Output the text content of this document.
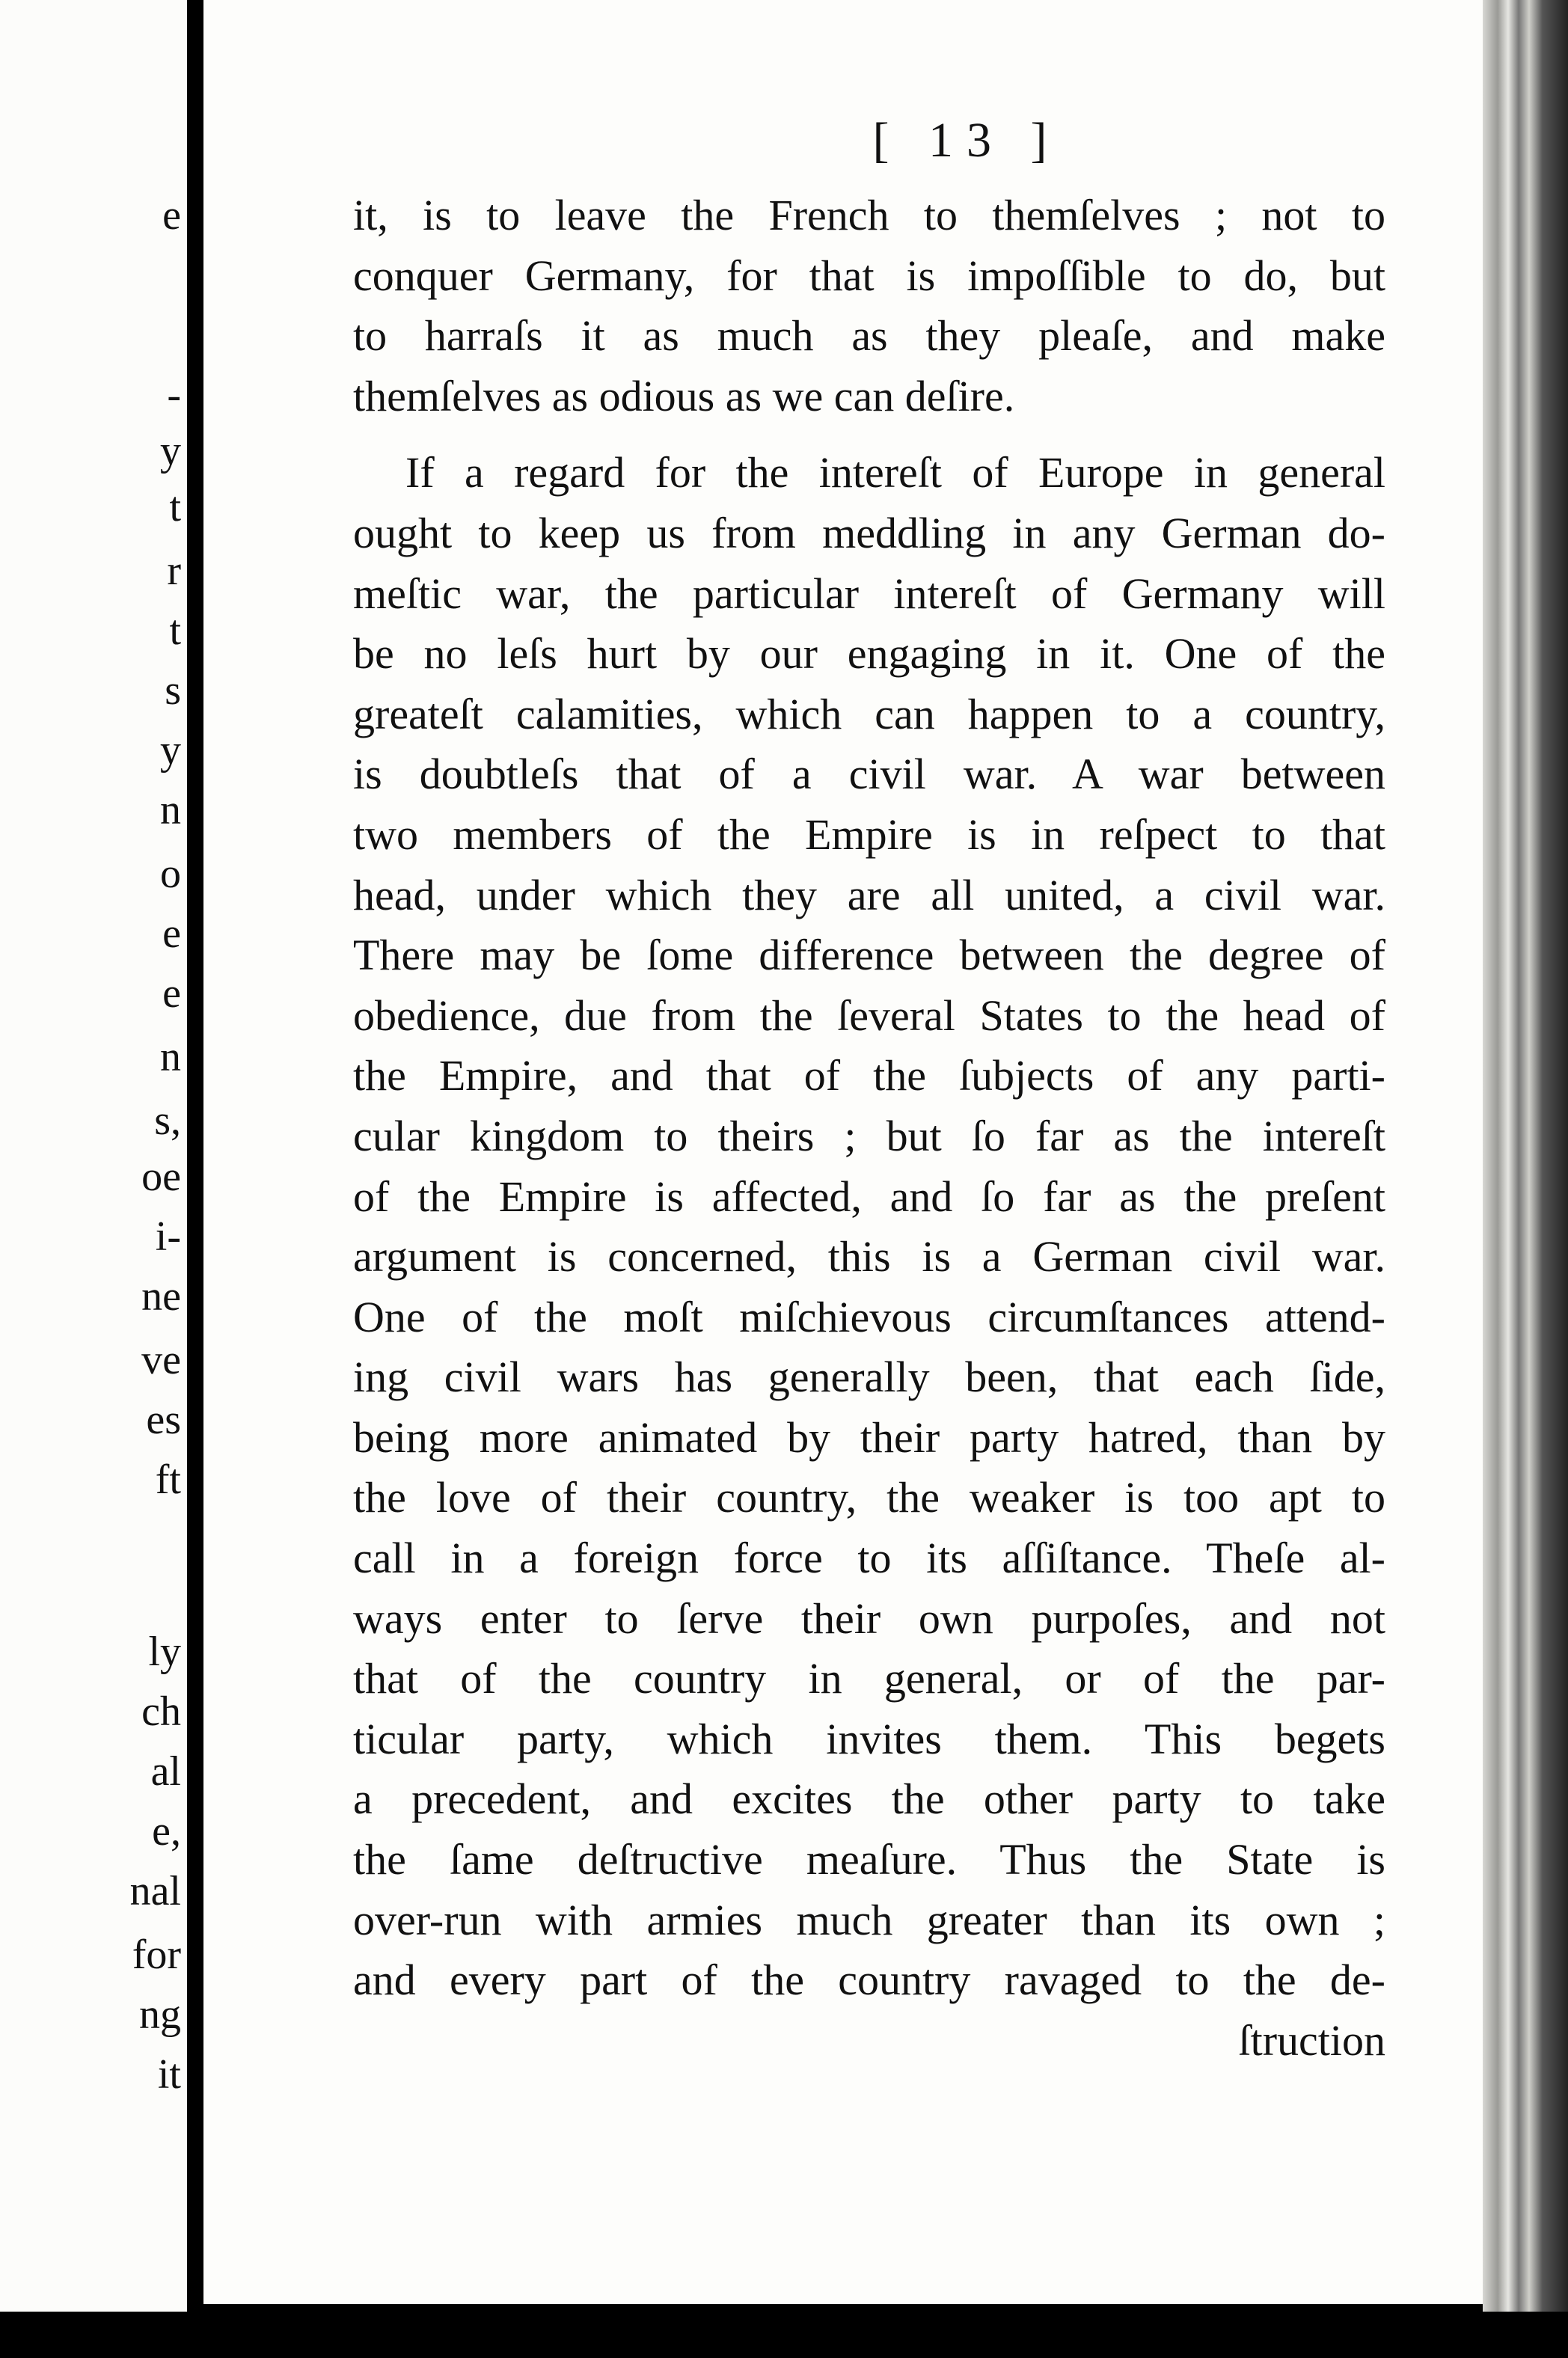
e
-
y
t
r
t
s
y
n
o
e
e
n
s,
oe
i-
ne
ve
es
ft
ly
ch
al
e,
nal
for
ng
it
[ 13 ]
it, is to leave the French to themſelves ; not to
conquer Germany, for that is impoſſible to do, but
to harraſs it as much as they pleaſe, and make
themſelves as odious as we can deſire.
If a regard for the intereſt of Europe in general
ought to keep us from meddling in any German do-
meſtic war, the particular intereſt of Germany will
be no leſs hurt by our engaging in it. One of the
greateſt calamities, which can happen to a country,
is doubtleſs that of a civil war. A war between
two members of the Empire is in reſpect to that
head, under which they are all united, a civil war.
There may be ſome difference between the degree of
obedience, due from the ſeveral States to the head of
the Empire, and that of the ſubjects of any parti-
cular kingdom to theirs ; but ſo far as the intereſt
of the Empire is affected, and ſo far as the preſent
argument is concerned, this is a German civil war.
One of the moſt miſchievous circumſtances attend-
ing civil wars has generally been, that each ſide,
being more animated by their party hatred, than by
the love of their country, the weaker is too apt to
call in a foreign force to its aſſiſtance. Theſe al-
ways enter to ſerve their own purpoſes, and not
that of the country in general, or of the par-
ticular party, which invites them. This begets
a precedent, and excites the other party to take
the ſame deſtructive meaſure. Thus the State is
over-run with armies much greater than its own ;
and every part of the country ravaged to the de-
ſtruction
